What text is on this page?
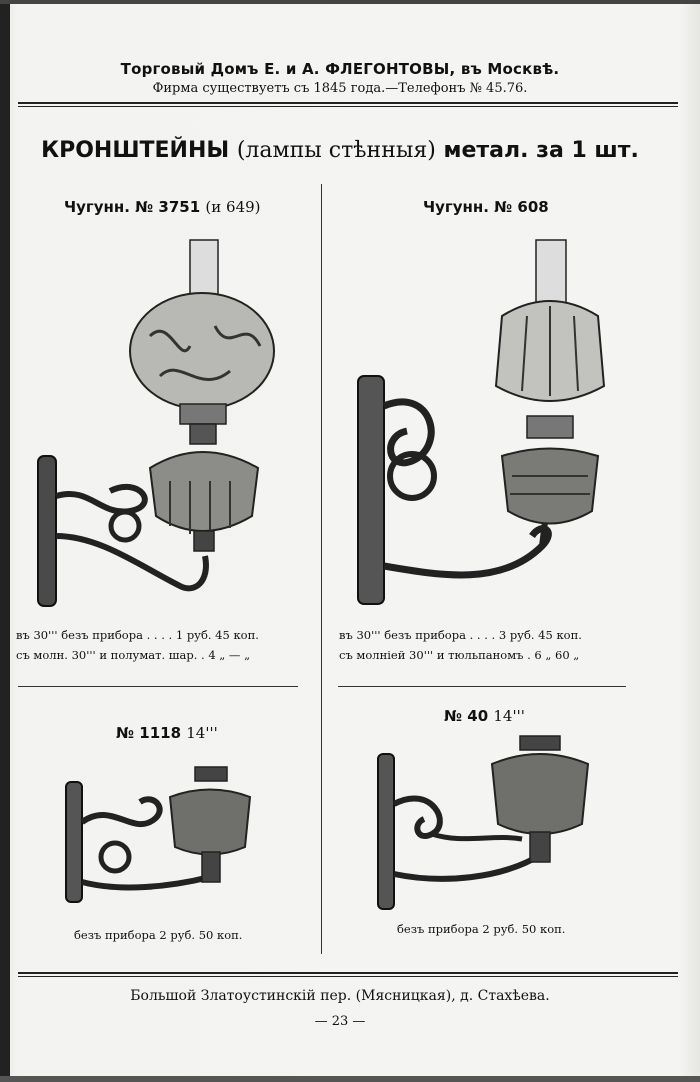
Торговый Домъ Е. и А. ФЛЕГОНТОВЫ, въ Москвѣ.
Фирма существуетъ съ 1845 года.—Телефонъ № 45.76.
КРОНШТЕЙНЫ (лампы стѣнныя) метал. за 1 шт.
Чугунн. № 3751 (и 649)
въ 30''' безъ прибора . . . . 1 руб. 45 коп.
съ молн. 30''' и полумат. шар. . 4 „ — „
Чугунн. № 608
въ 30''' безъ прибора . . . . 3 руб. 45 коп.
съ молніей 30''' и тюльпаномъ . 6 „ 60 „
№ 1118 14'''
безъ прибора 2 руб. 50 коп.
№ 40 14'''
безъ прибора 2 руб. 50 коп.
Большой Златоустинскій пер. (Мясницкая), д. Стахѣева.
— 23 —
